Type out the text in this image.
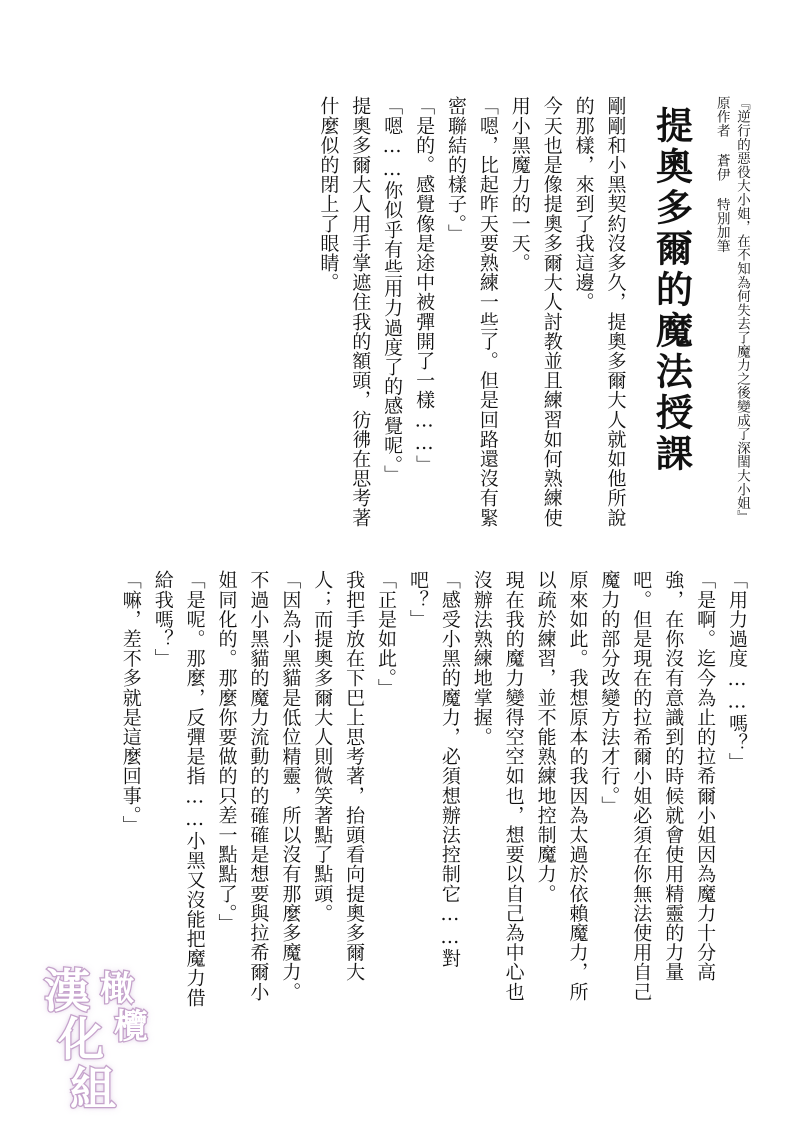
『逆行的惡役大小姐，在不知為何失去了魔力之後變成了深閨大小姐』

原作者 蒼伊 特別加筆

提奧多爾的魔法授課

剛剛和小黑契約沒多久，提奧多爾大人就如他所說的那樣，來到了我這邊。

今天也是像提奧多爾大人討教並且練習如何熟練使用小黑魔力的一天。

「嗯，比起昨天要熟練一些了。但是回路還沒有緊密聯結的樣子。」

「是的。感覺像是途中被彈開了一樣……」

「嗯……你似乎有些用力過度了的感覺呢。」

提奧多爾大人用手掌遮住我的額頭，彷彿在思考著什麼似的閉上了眼睛。

「用力過度……嗎？」

「是啊。迄今為止的拉希爾小姐因為魔力十分高強，在你沒有意識到的時候就會使用精靈的力量吧。但是現在的拉希爾小姐必須在你無法使用自己魔力的部分改變方法才行。」

原來如此。我想原本的我因為太過於依賴魔力，所以疏於練習，並不能熟練地控制魔力。

現在我的魔力變得空空如也，想要以自己為中心也沒辦法熟練地掌握。

「感受小黑的魔力，必須想辦法控制它……對吧？」

「正是如此。」

我把手放在下巴上思考著，抬頭看向提奧多爾大人；而提奧多爾大人則微笑著點了點頭。

「因為小黑貓是低位精靈，所以沒有那麼多魔力。不過小黑貓的魔力流動的的確確是想要與拉希爾小姐同化的。那麼你要做的只差一點點了。」

「是呢。那麼，反彈是指……小黑又沒能把魔力借給我嗎？」

「嘛，差不多就是這麼回事。」

橄
欖
漢
化
組
